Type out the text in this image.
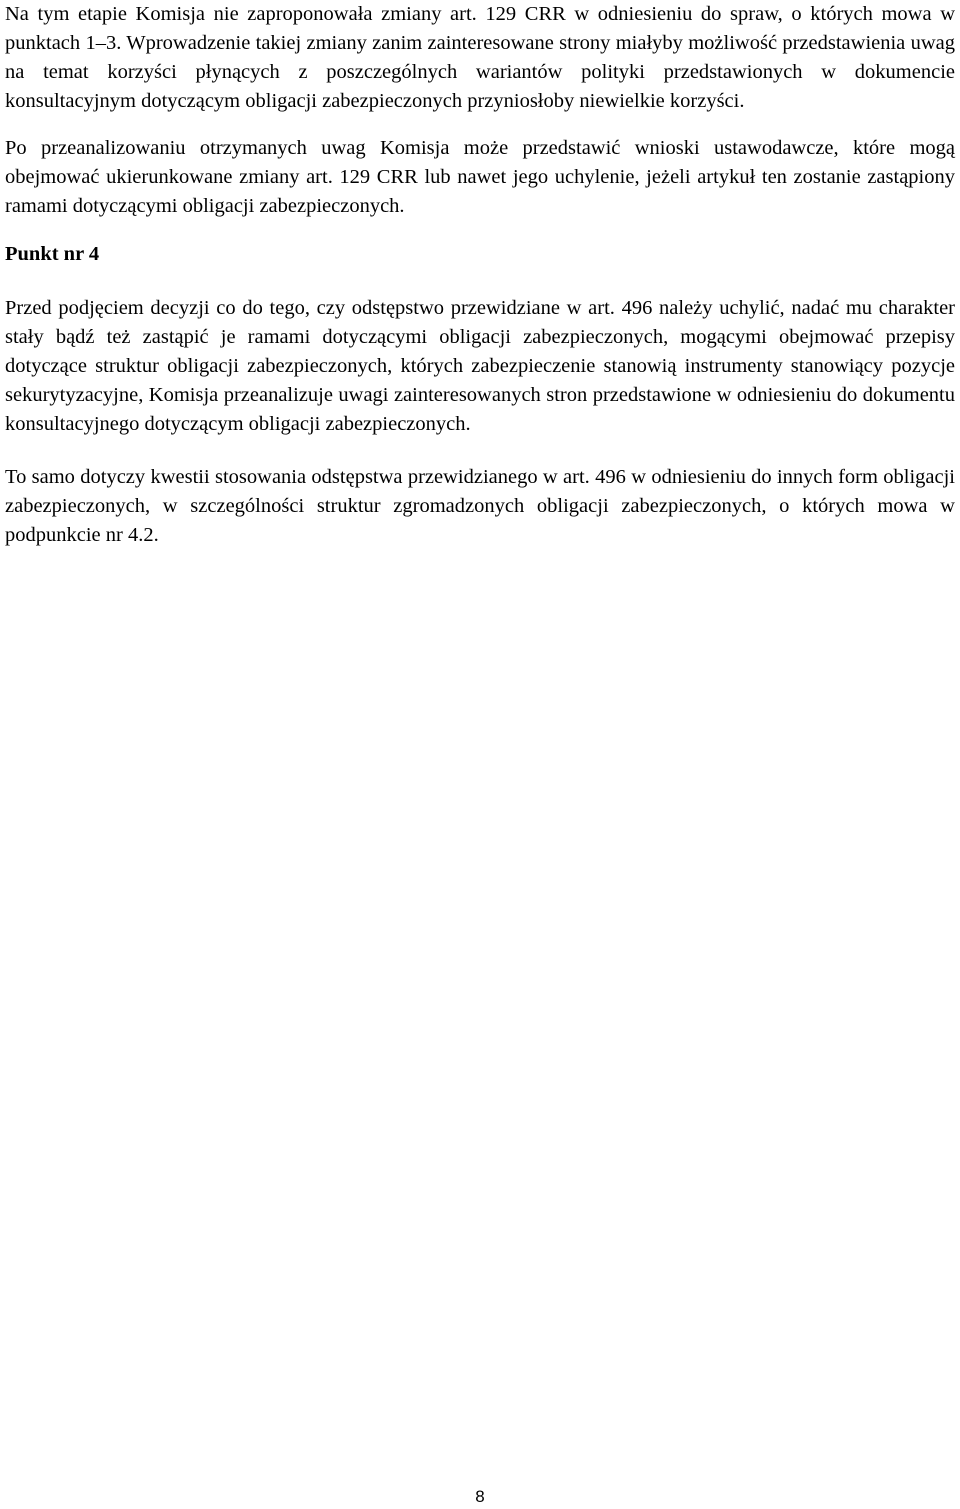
Na tym etapie Komisja nie zaproponowała zmiany art. 129 CRR w odniesieniu do spraw, o których mowa w punktach 1–3. Wprowadzenie takiej zmiany zanim zainteresowane strony miałyby możliwość przedstawienia uwag na temat korzyści płynących z poszczególnych wariantów polityki przedstawionych w dokumencie konsultacyjnym dotyczącym obligacji zabezpieczonych przyniosłoby niewielkie korzyści.

Po przeanalizowaniu otrzymanych uwag Komisja może przedstawić wnioski ustawodawcze, które mogą obejmować ukierunkowane zmiany art. 129 CRR lub nawet jego uchylenie, jeżeli artykuł ten zostanie zastąpiony ramami dotyczącymi obligacji zabezpieczonych.

Punkt nr 4

Przed podjęciem decyzji co do tego, czy odstępstwo przewidziane w art. 496 należy uchylić, nadać mu charakter stały bądź też zastąpić je ramami dotyczącymi obligacji zabezpieczonych, mogącymi obejmować przepisy dotyczące struktur obligacji zabezpieczonych, których zabezpieczenie stanowią instrumenty stanowiący pozycje sekurytyzacyjne, Komisja przeanalizuje uwagi zainteresowanych stron przedstawione w odniesieniu do dokumentu konsultacyjnego dotyczącym obligacji zabezpieczonych.

To samo dotyczy kwestii stosowania odstępstwa przewidzianego w art. 496 w odniesieniu do innych form obligacji zabezpieczonych, w szczególności struktur zgromadzonych obligacji zabezpieczonych, o których mowa w podpunkcie nr 4.2.

8
